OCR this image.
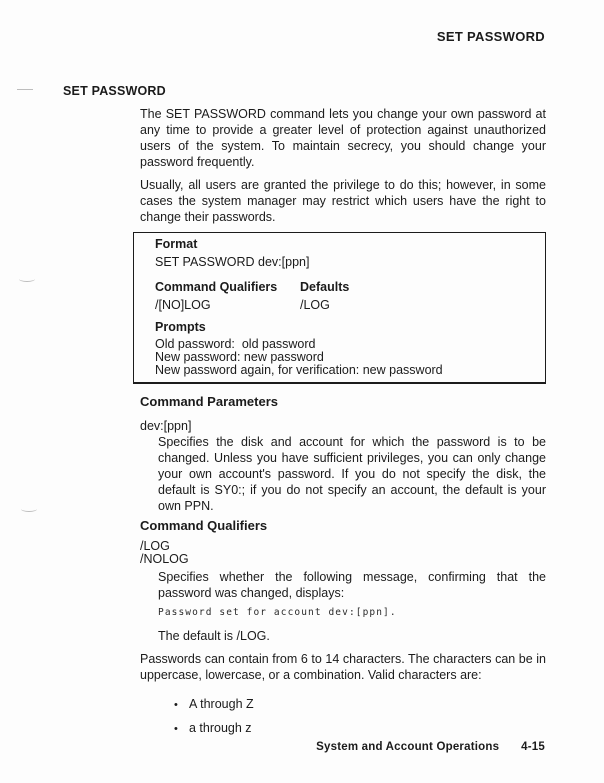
SET PASSWORD
SET PASSWORD

The SET PASSWORD command lets you change your own password at any time to provide a greater level of protection against unauthorized users of the system. To maintain secrecy, you should change your password frequently.

Usually, all users are granted the privilege to do this; however, in some cases the system manager may restrict which users have the right to change their passwords.

Format
SET PASSWORD dev:[ppn]
Command Qualifiers	Defaults
/[NO]LOG	/LOG
Prompts
Old password:  old password
New password: new password
New password again, for verification: new password
Command Parameters
dev:[ppn]

Specifies the disk and account for which the password is to be changed. Unless you have sufficient privileges, you can only change your own account's password. If you do not specify the disk, the default is SY0:; if you do not specify an account, the default is your own PPN.

Command Qualifiers
/LOG
/NOLOG

Specifies whether the following message, confirming that the password was changed, displays:

Password set for account dev:[ppn].
The default is /LOG.

Passwords can contain from 6 to 14 characters. The characters can be in uppercase, lowercase, or a combination. Valid characters are:

• A through Z
• a through z
System and Account Operations 4-15
